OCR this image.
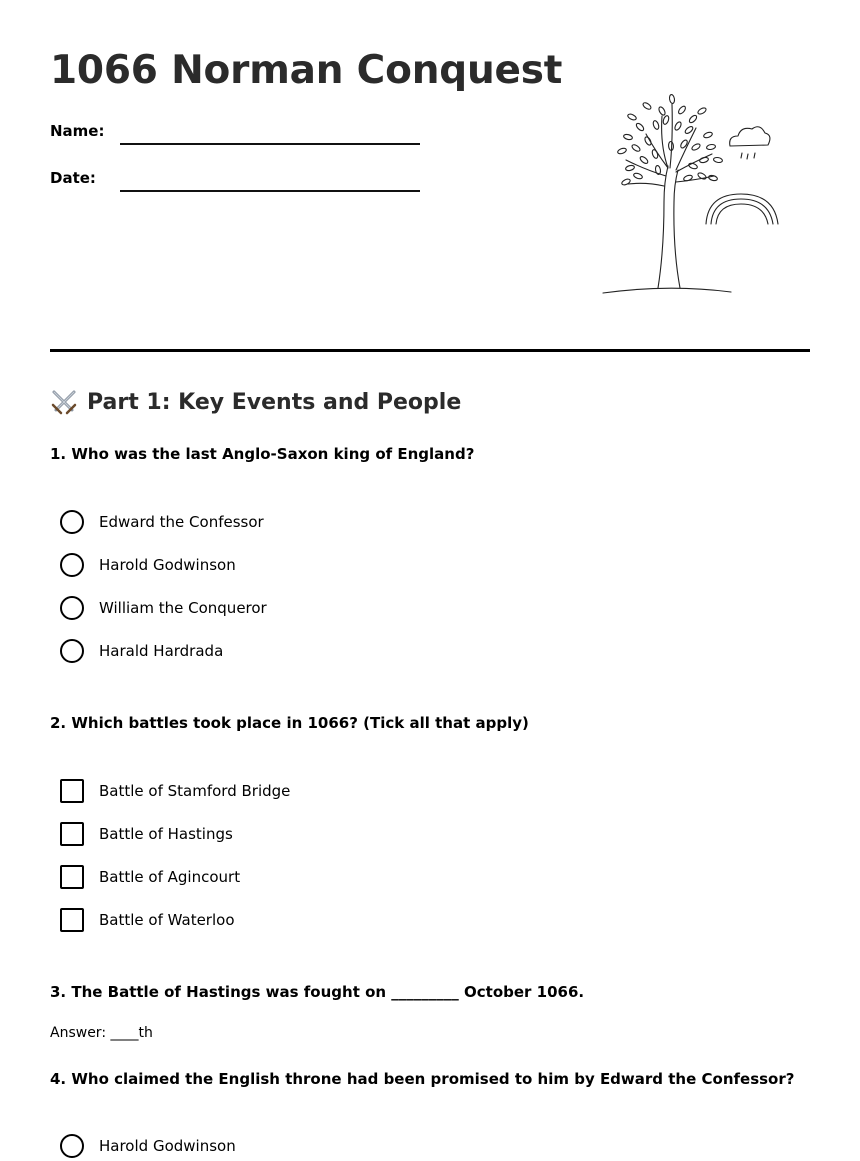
1066 Norman Conquest
Name:
Date:
Part 1: Key Events and People

1. Who was the last Anglo-Saxon king of England?

Edward the Confessor
Harold Godwinson
William the Conqueror
Harald Hardrada

2. Which battles took place in 1066? (Tick all that apply)

Battle of Stamford Bridge
Battle of Hastings
Battle of Agincourt
Battle of Waterloo

3. The Battle of Hastings was fought on _________ October 1066.

Answer: ____th

4. Who claimed the English throne had been promised to him by Edward the Confessor?

Harold Godwinson
